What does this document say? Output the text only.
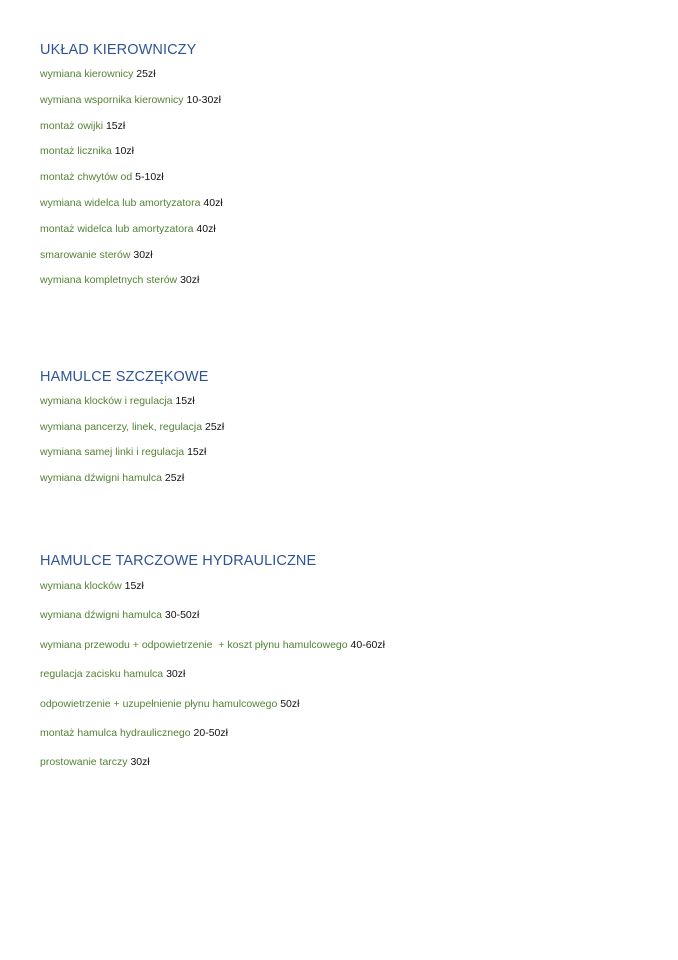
UKŁAD KIEROWNICZY
wymiana kierownicy 25zł
wymiana wspornika kierownicy 10-30zł
montaż owijki 15zł
montaż licznika 10zł
montaż chwytów od 5-10zł
wymiana widelca lub amortyzatora 40zł
montaż widelca lub amortyzatora 40zł
smarowanie sterów 30zł
wymiana kompletnych sterów 30zł
HAMULCE SZCZĘKOWE
wymiana klocków i regulacja 15zł
wymiana pancerzy, linek, regulacja 25zł
wymiana samej linki i regulacja 15zł
wymiana dźwigni hamulca 25zł
HAMULCE TARCZOWE HYDRAULICZNE
wymiana klocków 15zł
wymiana dźwigni hamulca 30-50zł
wymiana przewodu + odpowietrzenie  + koszt płynu hamulcowego 40-60zł
regulacja zacisku hamulca 30zł
odpowietrzenie + uzupełnienie płynu hamulcowego 50zł
montaż hamulca hydraulicznego 20-50zł
prostowanie tarczy 30zł
